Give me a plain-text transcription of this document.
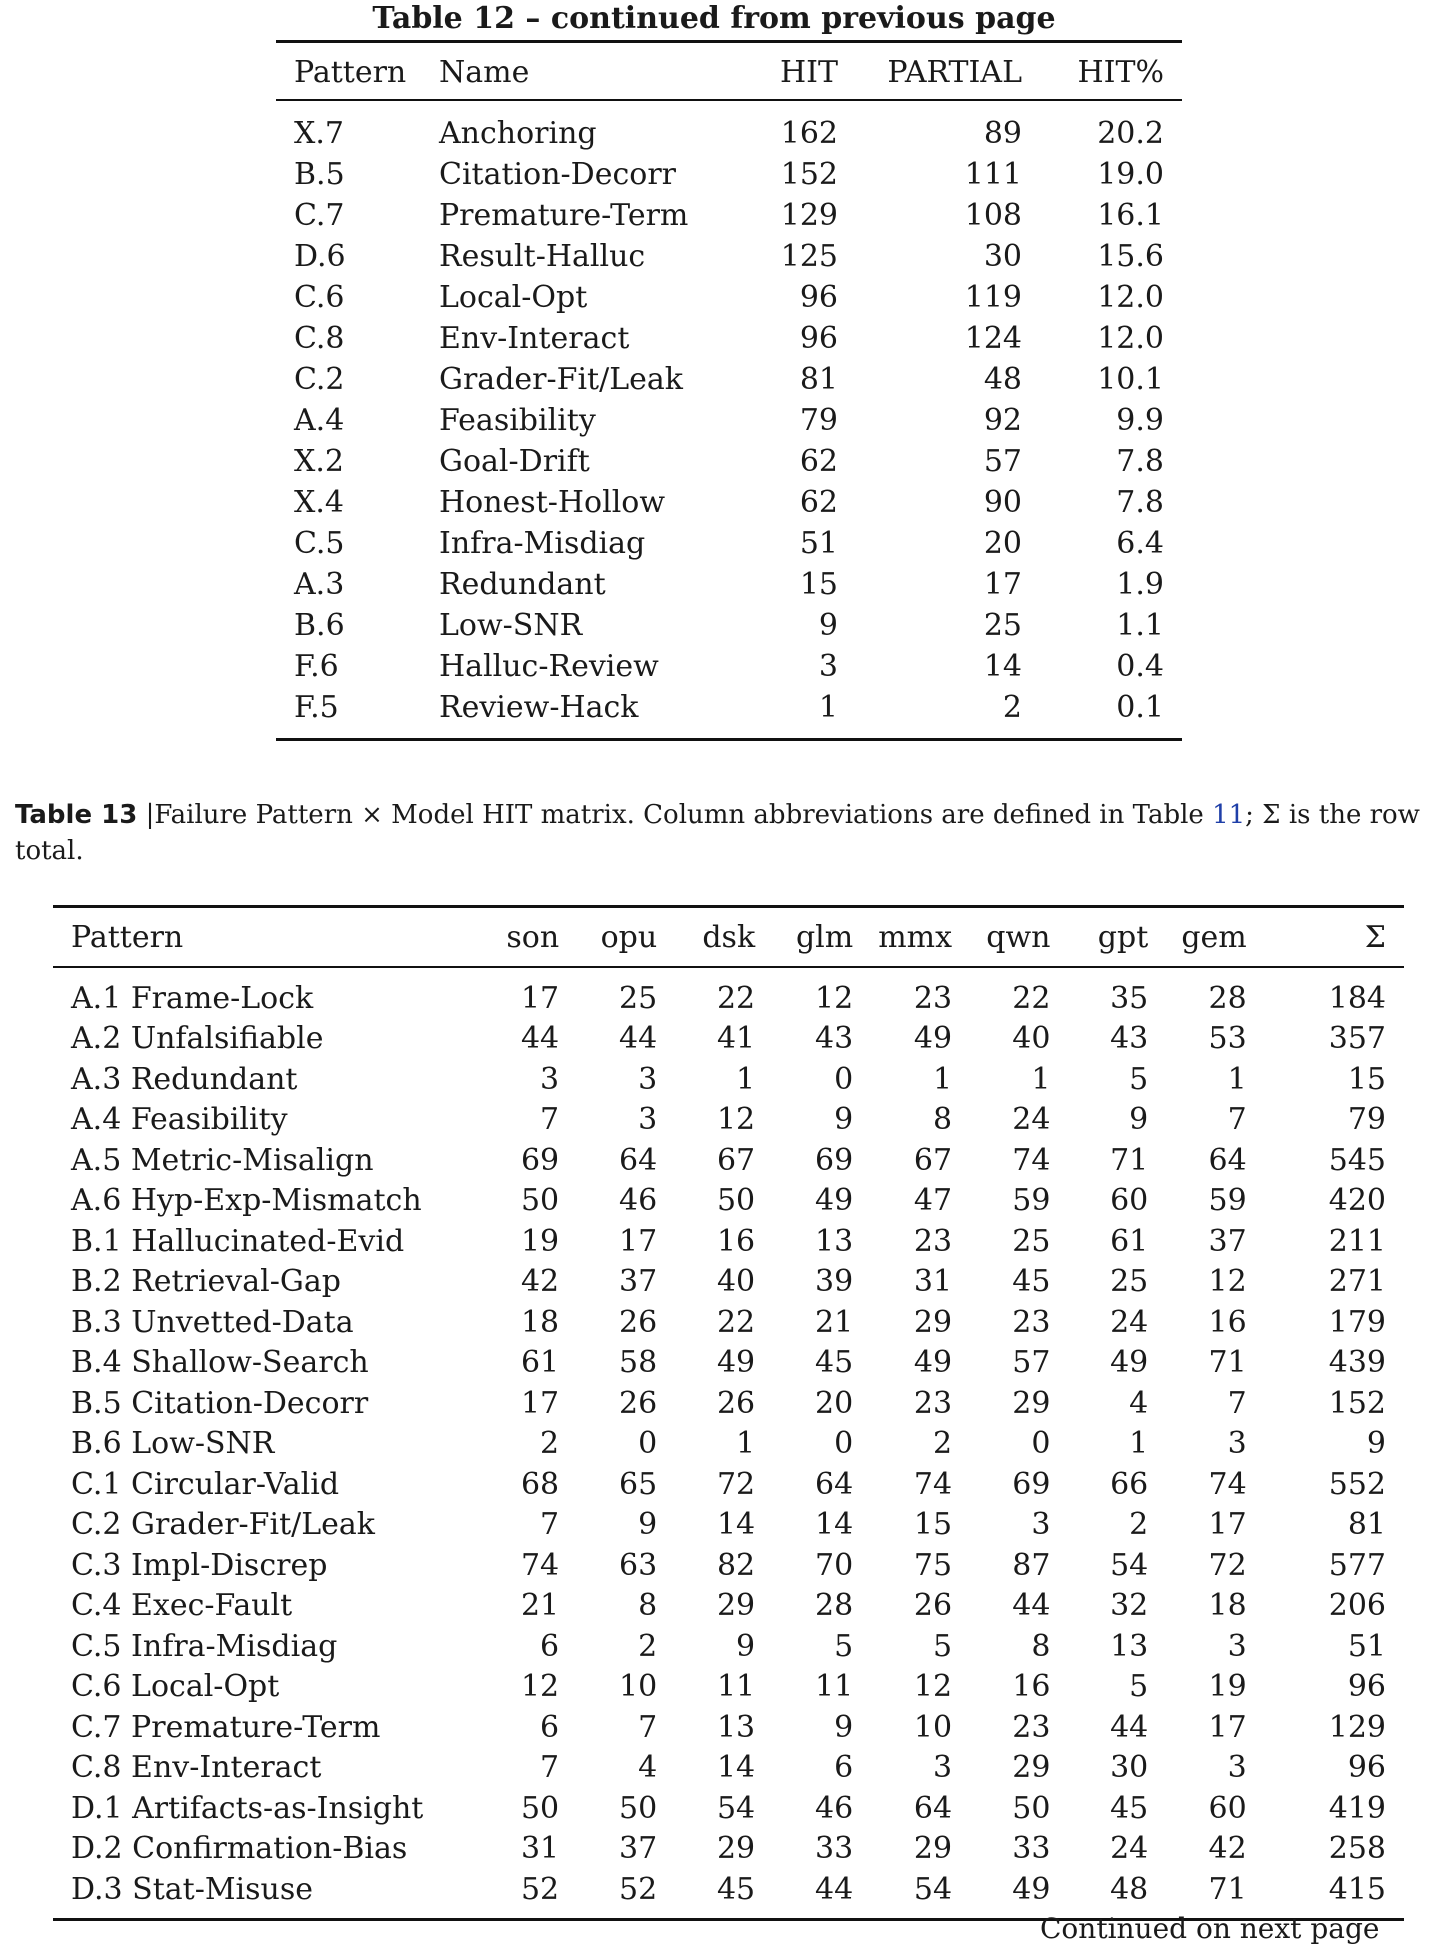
Table 12 – continued from previous page
Pattern	Name	HIT	PARTIAL	HIT%

X.7	Anchoring	162	89	20.2
B.5	Citation-Decorr	152	111	19.0
C.7	Premature-Term	129	108	16.1
D.6	Result-Halluc	125	30	15.6
C.6	Local-Opt	96	119	12.0
C.8	Env-Interact	96	124	12.0
C.2	Grader-Fit/Leak	81	48	10.1
A.4	Feasibility	79	92	9.9
X.2	Goal-Drift	62	57	7.8
X.4	Honest-Hollow	62	90	7.8
C.5	Infra-Misdiag	51	20	6.4
A.3	Redundant	15	17	1.9
B.6	Low-SNR	9	25	1.1
F.6	Halluc-Review	3	14	0.4
F.5	Review-Hack	1	2	0.1
Table 13 |Failure Pattern × Model HIT matrix. Column abbreviations are defined in Table 11; Σ is the row total.
Pattern	son	opu	dsk	glm	mmx	qwn	gpt	gem	Σ

A.1 Frame-Lock	17	25	22	12	23	22	35	28	184
A.2 Unfalsifiable	44	44	41	43	49	40	43	53	357
A.3 Redundant	3	3	1	0	1	1	5	1	15
A.4 Feasibility	7	3	12	9	8	24	9	7	79
A.5 Metric-Misalign	69	64	67	69	67	74	71	64	545
A.6 Hyp-Exp-Mismatch	50	46	50	49	47	59	60	59	420
B.1 Hallucinated-Evid	19	17	16	13	23	25	61	37	211
B.2 Retrieval-Gap	42	37	40	39	31	45	25	12	271
B.3 Unvetted-Data	18	26	22	21	29	23	24	16	179
B.4 Shallow-Search	61	58	49	45	49	57	49	71	439
B.5 Citation-Decorr	17	26	26	20	23	29	4	7	152
B.6 Low-SNR	2	0	1	0	2	0	1	3	9
C.1 Circular-Valid	68	65	72	64	74	69	66	74	552
C.2 Grader-Fit/Leak	7	9	14	14	15	3	2	17	81
C.3 Impl-Discrep	74	63	82	70	75	87	54	72	577
C.4 Exec-Fault	21	8	29	28	26	44	32	18	206
C.5 Infra-Misdiag	6	2	9	5	5	8	13	3	51
C.6 Local-Opt	12	10	11	11	12	16	5	19	96
C.7 Premature-Term	6	7	13	9	10	23	44	17	129
C.8 Env-Interact	7	4	14	6	3	29	30	3	96
D.1 Artifacts-as-Insight	50	50	54	46	64	50	45	60	419
D.2 Confirmation-Bias	31	37	29	33	29	33	24	42	258
D.3 Stat-Misuse	52	52	45	44	54	49	48	71	415
Continued on next page
